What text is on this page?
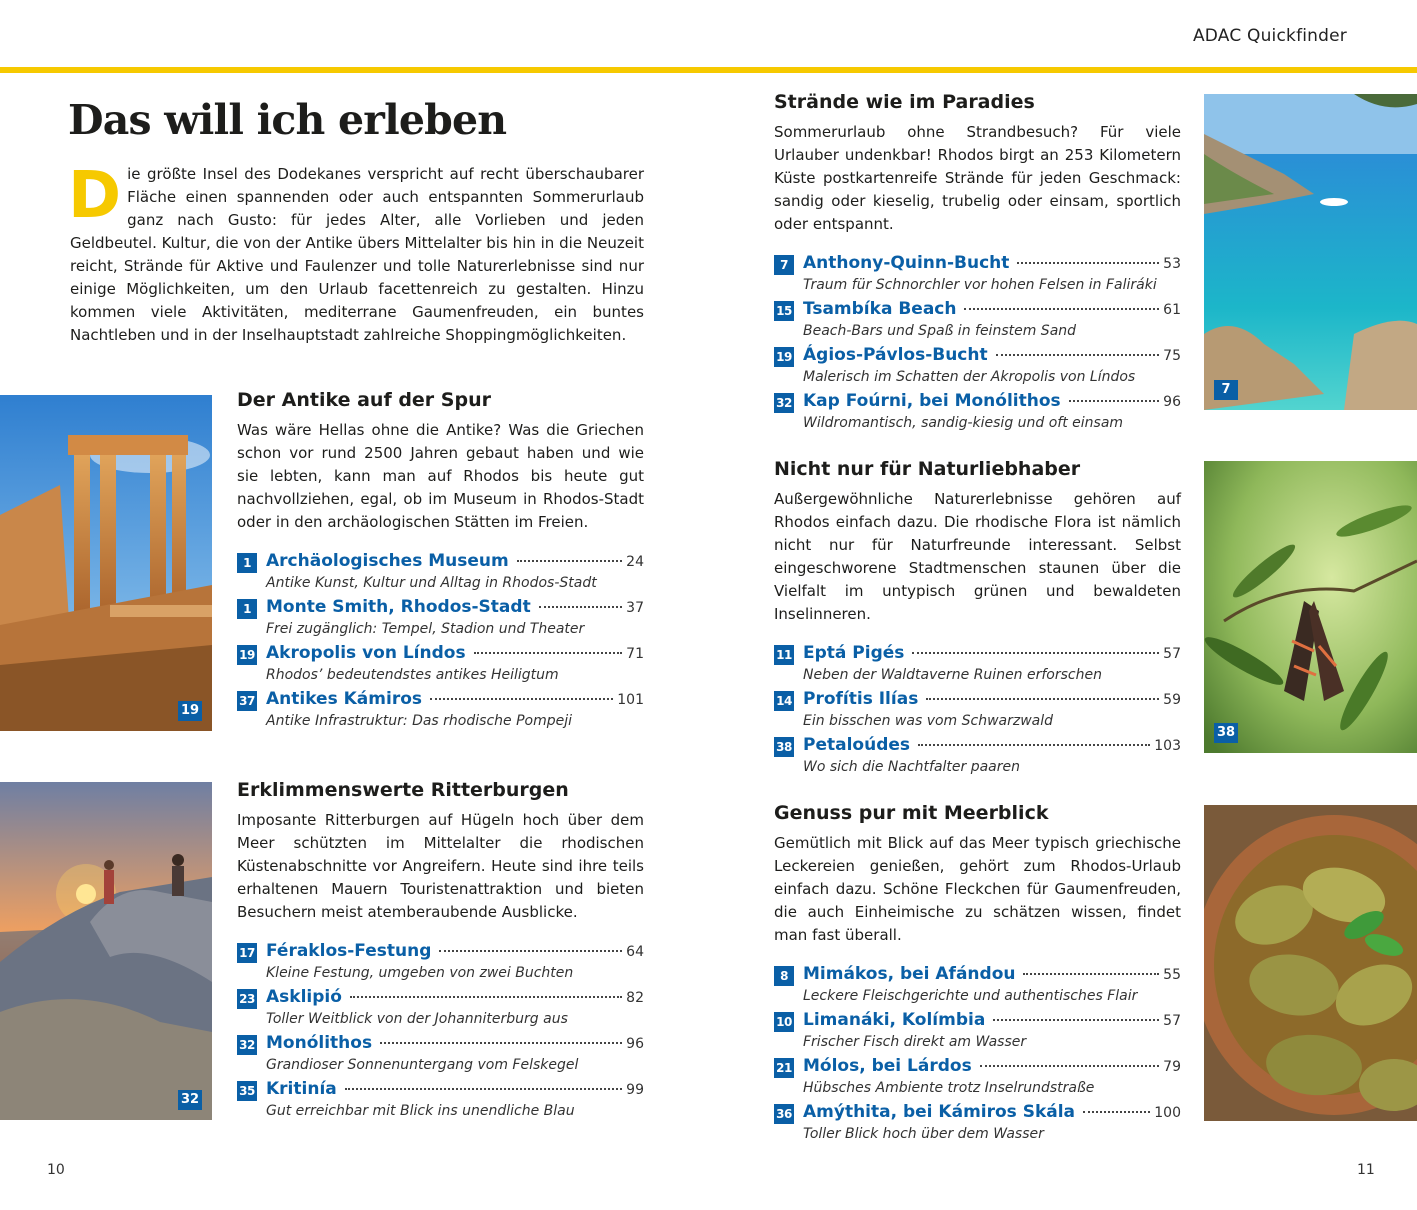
ADAC Quickfinder
Das will ich erleben

Die größte Insel des Dodekanes verspricht auf recht überschaubarer Fläche einen spannenden oder auch entspannten Sommerurlaub ganz nach Gusto: für jedes Alter, alle Vorlieben und jeden Geldbeutel. Kultur, die von der Antike übers Mittelalter bis hin in die Neuzeit reicht, Strände für Aktive und Faulenzer und tolle Naturerlebnisse sind nur einige Möglichkeiten, um den Urlaub facettenreich zu gestalten. Hinzu kommen viele Aktivitäten, mediterrane Gaumenfreuden, ein buntes Nachtleben und in der Inselhauptstadt zahlreiche Shoppingmöglichkeiten.

19
Der Antike auf der Spur

Was wäre Hellas ohne die Antike? Was die Griechen schon vor rund 2500 Jahren gebaut haben und wie sie lebten, kann man auf Rhodos bis heute gut nachvollziehen, egal, ob im Museum in Rhodos-Stadt oder in den archäologischen Stätten im Freien.

1 Archäologisches Museum	24
Antike Kunst, Kultur und Alltag in Rhodos-Stadt
1 Monte Smith, Rhodos-Stadt	37
Frei zugänglich: Tempel, Stadion und Theater
19 Akropolis von Líndos	71
Rhodos’ bedeutendstes antikes Heiligtum
37 Antikes Kámiros	101
Antike Infrastruktur: Das rhodische Pompeji
32
Erklimmenswerte Ritterburgen

Imposante Ritterburgen auf Hügeln hoch über dem Meer schützten im Mittelalter die rhodischen Küstenabschnitte vor Angreifern. Heute sind ihre teils erhaltenen Mauern Touristenattraktion und bieten Besuchern meist atemberaubende Ausblicke.

17 Féraklos-Festung	64
Kleine Festung, umgeben von zwei Buchten
23 Asklipió	82
Toller Weitblick von der Johanniterburg aus
32 Monólithos	96
Grandioser Sonnenuntergang vom Felskegel
35 Kritinía	99
Gut erreichbar mit Blick ins unendliche Blau
Strände wie im Paradies

Sommerurlaub ohne Strandbesuch? Für viele Urlauber undenkbar! Rhodos birgt an 253 Kilometern Küste postkartenreife Strände für jeden Geschmack: sandig oder kieselig, trubelig oder einsam, sportlich oder entspannt.

7 Anthony-Quinn-Bucht	53
Traum für Schnorchler vor hohen Felsen in Faliráki
15 Tsambíka Beach	61
Beach-Bars und Spaß in feinstem Sand
19 Ágios-Pávlos-Bucht	75
Malerisch im Schatten der Akropolis von Líndos
32 Kap Foúrni, bei Monólithos	96
Wildromantisch, sandig-kiesig und oft einsam
7
Nicht nur für Naturliebhaber

Außergewöhnliche Naturerlebnisse gehören auf Rhodos einfach dazu. Die rhodische Flora ist nämlich nicht nur für Naturfreunde interessant. Selbst eingeschworene Stadtmenschen staunen über die Vielfalt im untypisch grünen und bewaldeten Inselinneren.

11 Eptá Pigés	57
Neben der Waldtaverne Ruinen erforschen
14 Profítis Ilías	59
Ein bisschen was vom Schwarzwald
38 Petaloúdes	103
Wo sich die Nachtfalter paaren
38
Genuss pur mit Meerblick

Gemütlich mit Blick auf das Meer typisch griechische Leckereien genießen, gehört zum Rhodos-Urlaub einfach dazu. Schöne Fleckchen für Gaumenfreuden, die auch Einheimische zu schätzen wissen, findet man fast überall.

8 Mimákos, bei Afándou	55
Leckere Fleischgerichte und authentisches Flair
10 Limanáki, Kolímbia	57
Frischer Fisch direkt am Wasser
21 Mólos, bei Lárdos	79
Hübsches Ambiente trotz Inselrundstraße
36 Amýthita, bei Kámiros Skála	100
Toller Blick hoch über dem Wasser
10	11
